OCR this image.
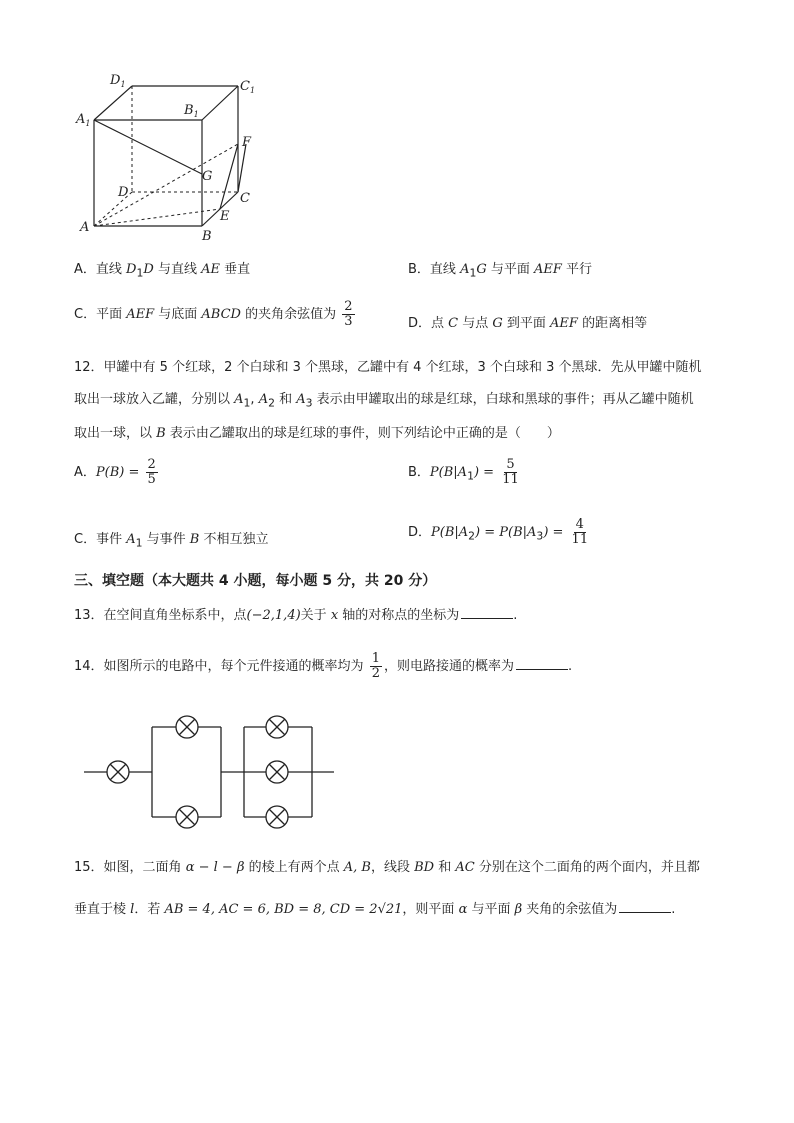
$D_1$	$C_1$
$A_1$
$B_1$
F
G
D	C
E
A
B
A．直线 $D_1D$ 与直线 AE 垂直	B．直线 $A_1G$ 与平面 AEF 平行
C．平面 AEF 与底面 ABCD 的夹角余弦值为 $\frac{2}{3}$	D．点 C 与点 G 到平面 AEF 的距离相等
12．甲罐中有 5 个红球，2 个白球和 3 个黑球，乙罐中有 4 个红球，3 个白球和 3 个黑球．先从甲罐中随机
取出一球放入乙罐，分别以 $A_1$, $A_2$ 和 $A_3$ 表示由甲罐取出的球是红球，白球和黑球的事件；再从乙罐中随机
取出一球，以 B 表示由乙罐取出的球是红球的事件，则下列结论中正确的是（　　）
A．$P(B) = \frac{2}{5}$	B．$P(B|A_1) = \frac{5}{11}$
C．事件 $A_1$ 与事件 B 不相互独立	D．$P(B|A_2) = P(B|A_3) = \frac{4}{11}$
三、填空题（本大题共 4 小题，每小题 5 分，共 20 分）
13．在空间直角坐标系中，点(−2,1,4)关于 x 轴的对称点的坐标为	.
14．如图所示的电路中，每个元件接通的概率均为 $\frac{1}{2}$ ，则电路接通的概率为	.
15．如图，二面角 α − l − β 的棱上有两个点 A, B，线段 BD 和 AC 分别在这个二面角的两个面内，并且都
垂直于棱 l．若 AB = 4, AC = 6, BD = 8, CD = 2√21，则平面 α 与平面 β 夹角的余弦值为	.
